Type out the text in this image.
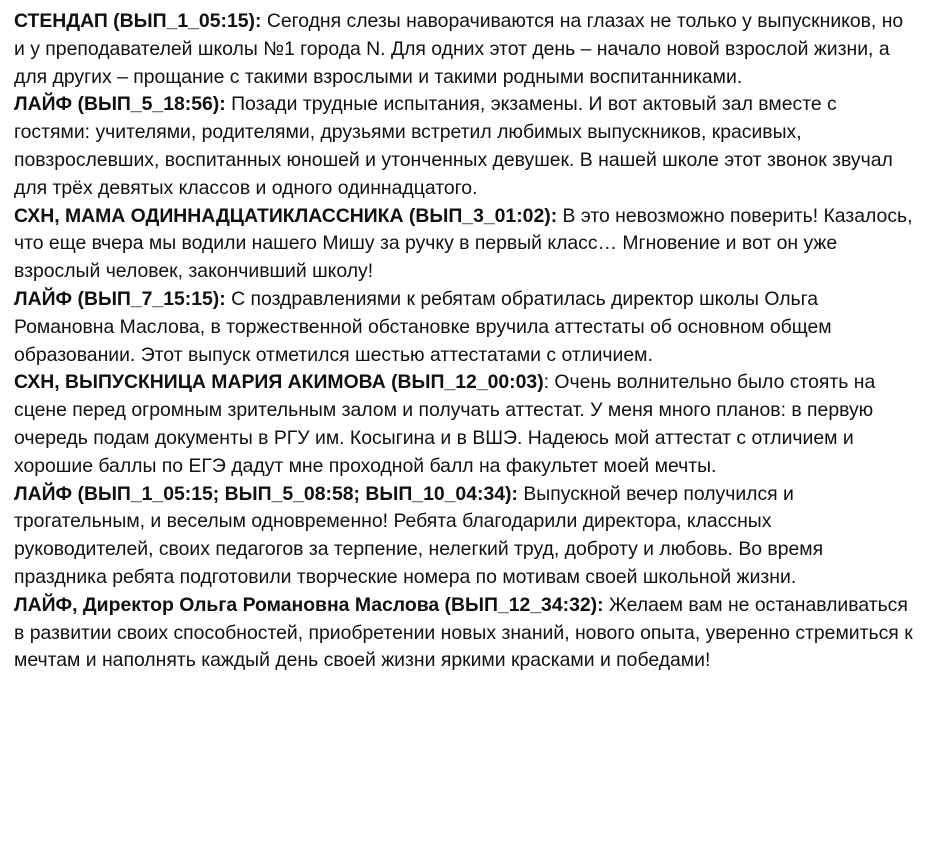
СТЕНДАП (ВЫП_1_05:15): Сегодня слезы наворачиваются на глазах не только у выпускников, но и у преподавателей школы №1 города N. Для одних этот день – начало новой взрослой жизни, а для других – прощание с такими взрослыми и такими родными воспитанниками.

ЛАЙФ (ВЫП_5_18:56): Позади трудные испытания, экзамены. И вот актовый зал вместе с гостями: учителями, родителями, друзьями встретил любимых выпускников, красивых, повзрослевших, воспитанных юношей и утонченных девушек. В нашей школе этот звонок звучал для трёх девятых классов и одного одиннадцатого.

СХН, МАМА ОДИННАДЦАТИКЛАССНИКА (ВЫП_3_01:02): В это невозможно поверить! Казалось, что еще вчера мы водили нашего Мишу за ручку в первый класс… Мгновение и вот он уже взрослый человек, закончивший школу!

ЛАЙФ (ВЫП_7_15:15): С поздравлениями к ребятам обратилась директор школы Ольга Романовна Маслова, в торжественной обстановке вручила аттестаты об основном общем образовании. Этот выпуск отметился шестью аттестатами с отличием.

СХН, ВЫПУСКНИЦА МАРИЯ АКИМОВА (ВЫП_12_00:03): Очень волнительно было стоять на сцене перед огромным зрительным залом и получать аттестат. У меня много планов: в первую очередь подам документы в РГУ им. Косыгина и в ВШЭ. Надеюсь мой аттестат с отличием и хорошие баллы по ЕГЭ дадут мне проходной балл на факультет моей мечты.

ЛАЙФ (ВЫП_1_05:15; ВЫП_5_08:58; ВЫП_10_04:34): Выпускной вечер получился и трогательным, и веселым одновременно! Ребята благодарили директора, классных руководителей, своих педагогов за терпение, нелегкий труд, доброту и любовь. Во время праздника ребята подготовили творческие номера по мотивам своей школьной жизни.

ЛАЙФ, Директор Ольга Романовна Маслова (ВЫП_12_34:32): Желаем вам не останавливаться в развитии своих способностей, приобретении новых знаний, нового опыта, уверенно стремиться к мечтам и наполнять каждый день своей жизни яркими красками и победами!
